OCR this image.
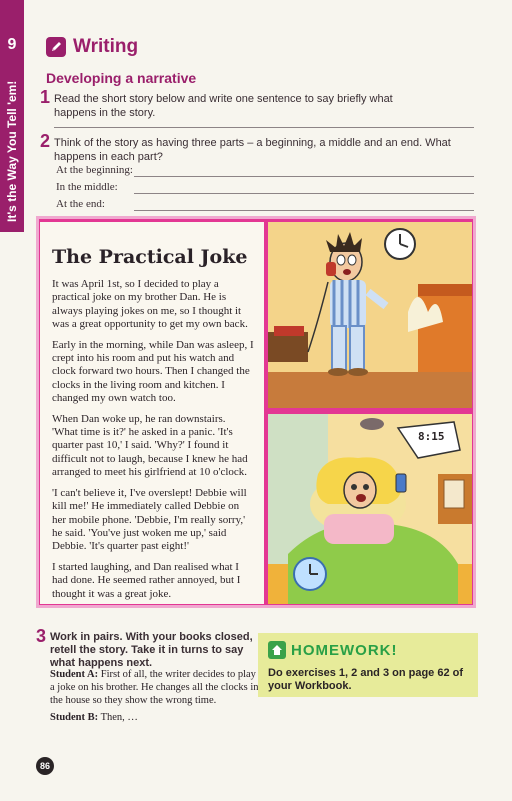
9
It's the Way You Tell 'em!
Writing
Developing a narrative
1 Read the short story below and write one sentence to say briefly what happens in the story.
2 Think of the story as having three parts – a beginning, a middle and an end. What happens in each part?
At the beginning:
In the middle:
At the end:
The Practical Joke

It was April 1st, so I decided to play a practical joke on my brother Dan. He is always playing jokes on me, so I thought it was a great opportunity to get my own back.

Early in the morning, while Dan was asleep, I crept into his room and put his watch and clock forward two hours. Then I changed the clocks in the living room and kitchen. I changed my own watch too.

When Dan woke up, he ran downstairs. 'What time is it?' he asked in a panic. 'It's quarter past 10,' I said. 'Why?' I found it difficult not to laugh, because I knew he had arranged to meet his girlfriend at 10 o'clock.

'I can't believe it, I've overslept! Debbie will kill me!' He immediately called Debbie on her mobile phone. 'Debbie, I'm really sorry,' he said. 'You've just woken me up,' said Debbie. 'It's quarter past eight!'

I started laughing, and Dan realised what I had done. He seemed rather annoyed, but I thought it was a great joke.

8:15
3 Work in pairs. With your books closed, retell the story. Take it in turns to say what happens next.
Student A: First of all, the writer decides to play a joke on his brother. He changes all the clocks in the house so they show the wrong time.
Student B: Then, …
HOMEWORK!
Do exercises 1, 2 and 3 on page 62 of your Workbook.
86
